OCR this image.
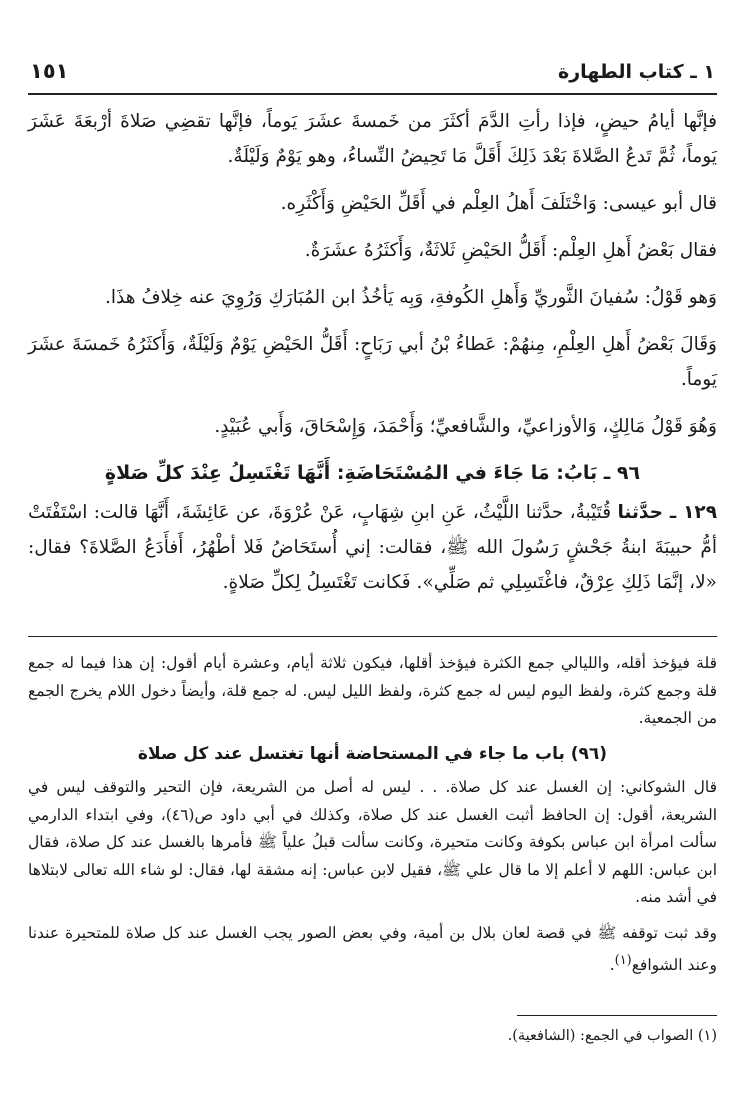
١ ـ كتاب الطهارة
١٥١

فإنَّها أيامُ حيضٍ، فإذا رأتِ الدَّمَ أكثَرَ من خَمسةَ عشَرَ يَوماً، فإنَّها تقضِي صَلاةَ أرْبعَةَ عَشَرَ يَوماً، ثُمَّ تَدعُ الصَّلاةَ بَعْدَ ذَلِكَ أَقَلَّ مَا تَحِيضُ النِّساءُ، وهو يَوْمٌ وَلَيْلَةٌ.

قال أبو عيسى: وَاخْتَلَفَ أَهلُ العِلْم في أَقَلِّ الحَيْضِ وَأَكْثَرِه.

فقال بَعْضُ أَهلِ العِلْم: أَقَلُّ الحَيْضِ ثَلاثَةٌ، وَأَكثَرُهُ عشَرَةٌ.

وَهو قَوْلُ: سُفيانَ الثَّوريِّ وَأَهلِ الكُوفةِ، وَبِه يَأخُذُ ابن المُبَارَكِ وَرُوِيَ عنه خِلافُ هذَا.

وَقَالَ بَعْضُ أَهلِ العِلْمِ، مِنهُمْ: عَطاءُ بْنُ أبي رَبَاحٍ: أَقَلُّ الحَيْضِ يَوْمٌ وَلَيْلَةٌ، وَأَكثَرُهُ خَمسَةَ عشَرَ يَوماً.

وَهُوَ قَوْلُ مَالِكٍ، وَالأوزاعيِّ، والشَّافعيِّ؛ وَأَحْمَدَ، وَإِسْحَاقَ، وَأَبي عُبَيْدٍ.

٩٦ ـ بَابُ: مَا جَاءَ في المُسْتَحَاضَةِ: أَنَّهَا تَغْتَسِلُ عِنْدَ كلِّ صَلاةٍ

١٢٩ ـ حدَّثنا قُتَيْبةُ، حدَّثنا اللَّيْثُ، عَنِ ابنِ شِهَابٍ، عَنْ عُرْوَةَ، عن عَائِشَةَ، أَنَّهَا قالت: اسْتَفْتَتْ أمُّ حبيبَةَ ابنةُ جَحْشٍ رَسُولَ الله ﷺ، فقالت: إني أُستَحَاضُ فَلا أطْهُرُ، أَفأَدَعُ الصَّلاةَ؟ فقال: «لا، إنَّمَا ذَلِكِ عِرْقٌ، فاغْتَسِلِي ثم صَلِّي». فَكانت تَغْتَسِلُ لِكلِّ صَلاةٍ.

قلة فيؤخذ أقله، والليالي جمع الكثرة فيؤخذ أقلها، فيكون ثلاثة أيام، وعشرة أيام أقول: إن هذا فيما له جمع قلة وجمع كثرة، ولفظ اليوم ليس له جمع كثرة، ولفظ الليل ليس. له جمع قلة، وأيضاً دخول اللام يخرج الجمع من الجمعية.

(٩٦) باب ما جاء في المستحاضة أنها تغتسل عند كل صلاة

قال الشوكاني: إن الغسل عند كل صلاة. . . ليس له أصل من الشريعة، فإن التحير والتوقف ليس في الشريعة، أقول: إن الحافظ أثبت الغسل عند كل صلاة، وكذلك في أبي داود ص(٤٦)، وفي ابتداء الدارمي سألت امرأة ابن عباس بكوفة وكانت متحيرة، وكانت سألت قبلُ علياً ﷺ فأمرها بالغسل عند كل صلاة، فقال ابن عباس: اللهم لا أعلم إلا ما قال علي ﷺ، فقيل لابن عباس: إنه مشقة لها، فقال: لو شاء الله تعالى لابتلاها في أشد منه.

وقد ثبت توقفه ﷺ في قصة لعان بلال بن أمية، وفي بعض الصور يجب الغسل عند كل صلاة للمتحيرة عندنا وعند الشوافع$^{(١)}$.

(١) الصواب في الجمع: (الشافعية).
